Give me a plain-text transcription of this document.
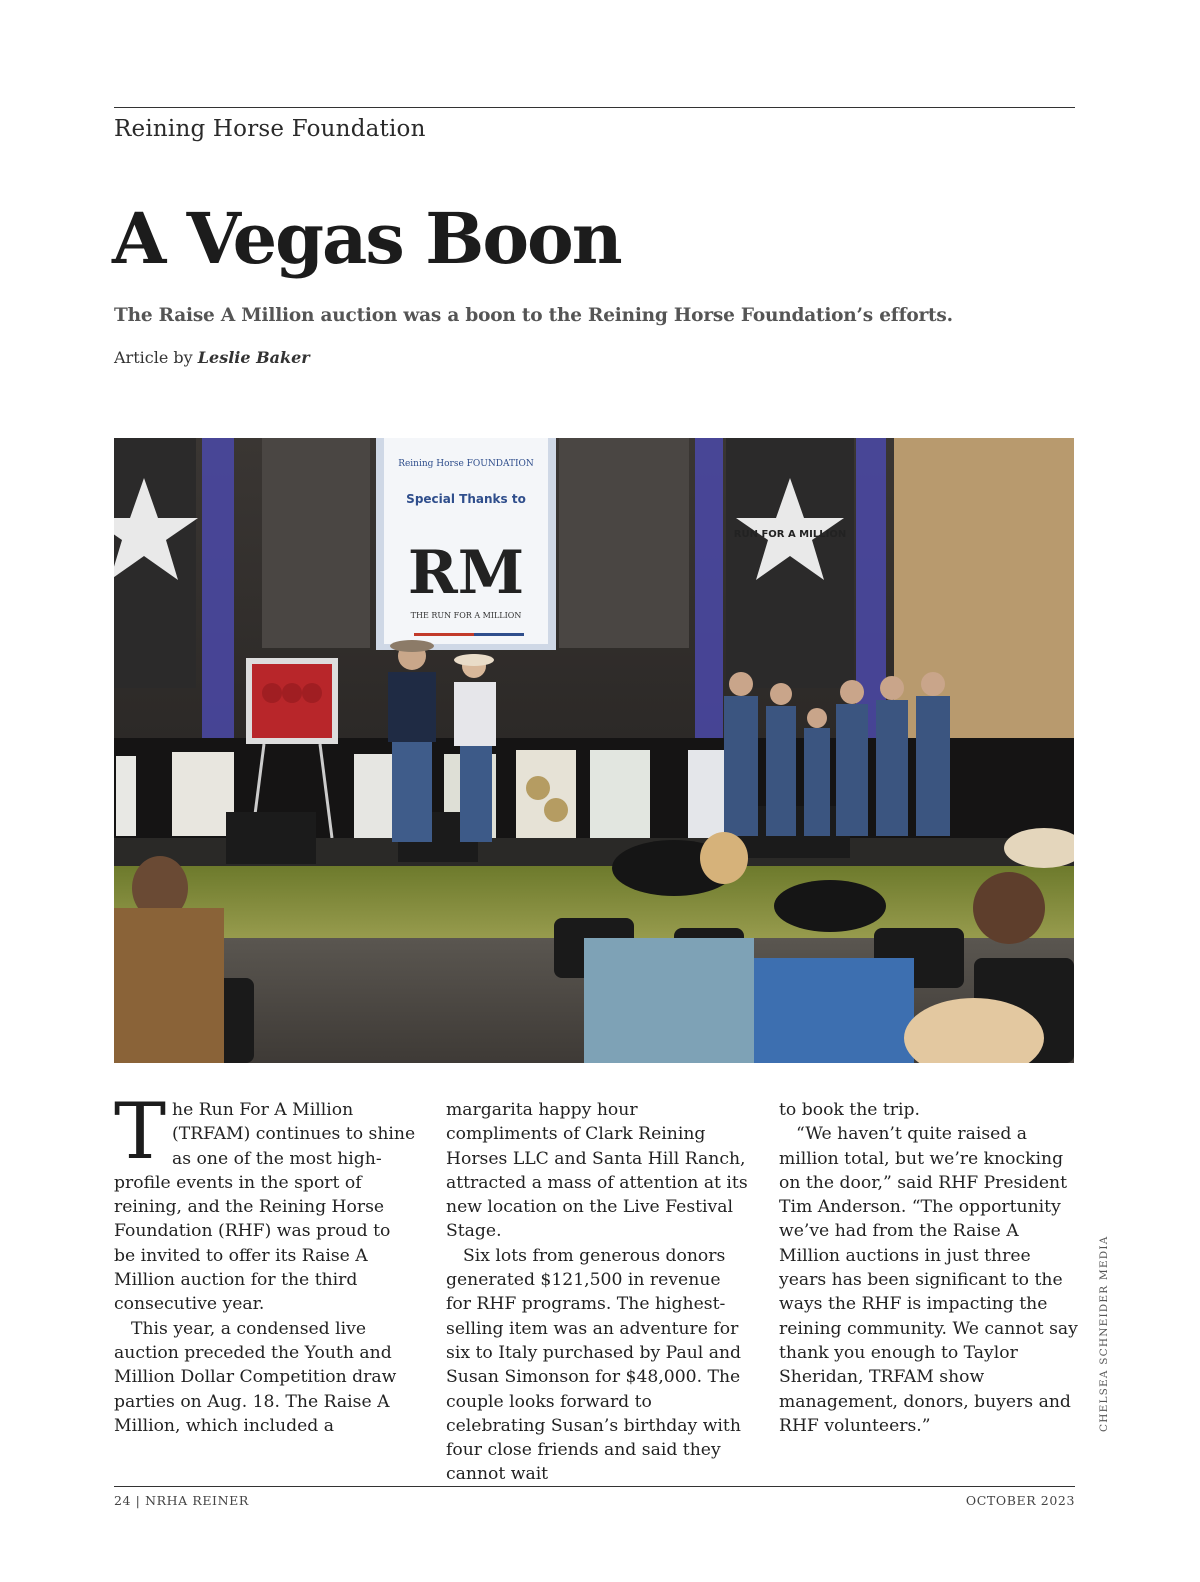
Reining Horse Foundation
A Vegas Boon
The Raise A Million auction was a boon to the Reining Horse Foundation’s efforts.
Article by Leslie Baker
RUN FOR A MILLION
Reining Horse FOUNDATION
Special Thanks to
RM
THE RUN FOR A MILLION
CHELSEA SCHNEIDER MEDIA

The Run For A Million (TRFAM) continues to shine as one of the most high-profile events in the sport of reining, and the Reining Horse Foundation (RHF) was proud to be invited to offer its Raise A Million auction for the third consecutive year.

This year, a condensed live auction preceded the Youth and Million Dollar Competition draw parties on Aug. 18. The Raise A Million, which included a

margarita happy hour compliments of Clark Reining Horses LLC and Santa Hill Ranch, attracted a mass of attention at its new location on the Live Festival Stage.

Six lots from generous donors generated $121,500 in revenue for RHF programs. The highest-selling item was an adventure for six to Italy purchased by Paul and Susan Simonson for $48,000. The couple looks forward to celebrating Susan’s birthday with four close friends and said they cannot wait

to book the trip.

“We haven’t quite raised a million total, but we’re knocking on the door,” said RHF President Tim Anderson. “The opportunity we’ve had from the Raise A Million auctions in just three years has been significant to the ways the RHF is impacting the reining community. We cannot say thank you enough to Taylor Sheridan, TRFAM show management, donors, buyers and RHF volunteers.”

24 | NRHA REINER	OCTOBER 2023
